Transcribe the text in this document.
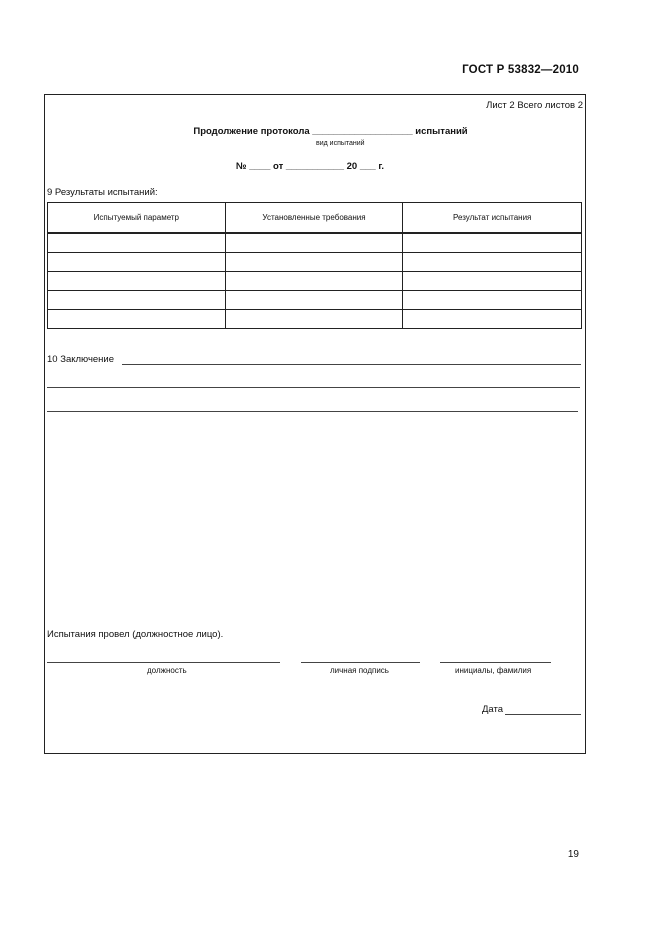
ГОСТ Р 53832—2010
Лист 2 Всего листов 2
Продолжение протокола ___________________ испытаний
вид испытаний
№ ____ от ___________ 20 ___ г.
9 Результаты испытаний:
Испытуемый параметр	Установленные требования	Результат испытания

10 Заключение
Испытания провел (должностное лицо).
должность	личная подпись	инициалы, фамилия
Дата
19
